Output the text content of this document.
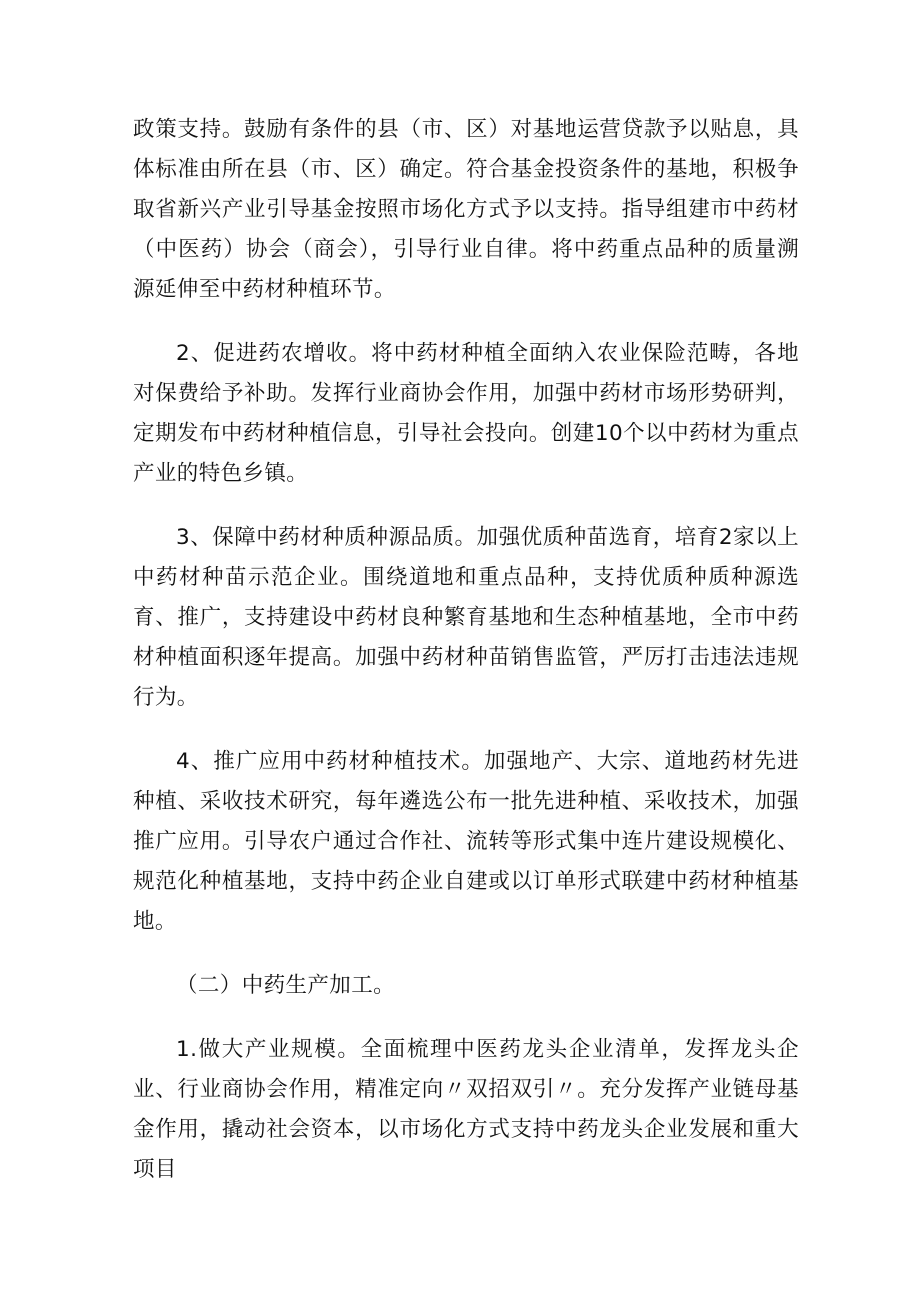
政策支持。鼓励有条件的县（市、区）对基地运营贷款予以贴息，具体标准由所在县（市、区）确定。符合基金投资条件的基地，积极争取省新兴产业引导基金按照市场化方式予以支持。指导组建市中药材（中医药）协会（商会），引导行业自律。将中药重点品种的质量溯源延伸至中药材种植环节。

2、促进药农增收。将中药材种植全面纳入农业保险范畴，各地对保费给予补助。发挥行业商协会作用，加强中药材市场形势研判，定期发布中药材种植信息，引导社会投向。创建10个以中药材为重点产业的特色乡镇。

3、保障中药材种质种源品质。加强优质种苗选育，培育2家以上中药材种苗示范企业。围绕道地和重点品种，支持优质种质种源选育、推广，支持建设中药材良种繁育基地和生态种植基地，全市中药材种植面积逐年提高。加强中药材种苗销售监管，严厉打击违法违规行为。

4、推广应用中药材种植技术。加强地产、大宗、道地药材先进种植、采收技术研究，每年遴选公布一批先进种植、采收技术，加强推广应用。引导农户通过合作社、流转等形式集中连片建设规模化、规范化种植基地，支持中药企业自建或以订单形式联建中药材种植基地。

（二）中药生产加工。

1.做大产业规模。全面梳理中医药龙头企业清单，发挥龙头企业、行业商协会作用，精准定向〃双招双引〃。充分发挥产业链母基金作用，撬动社会资本，以市场化方式支持中药龙头企业发展和重大项目
